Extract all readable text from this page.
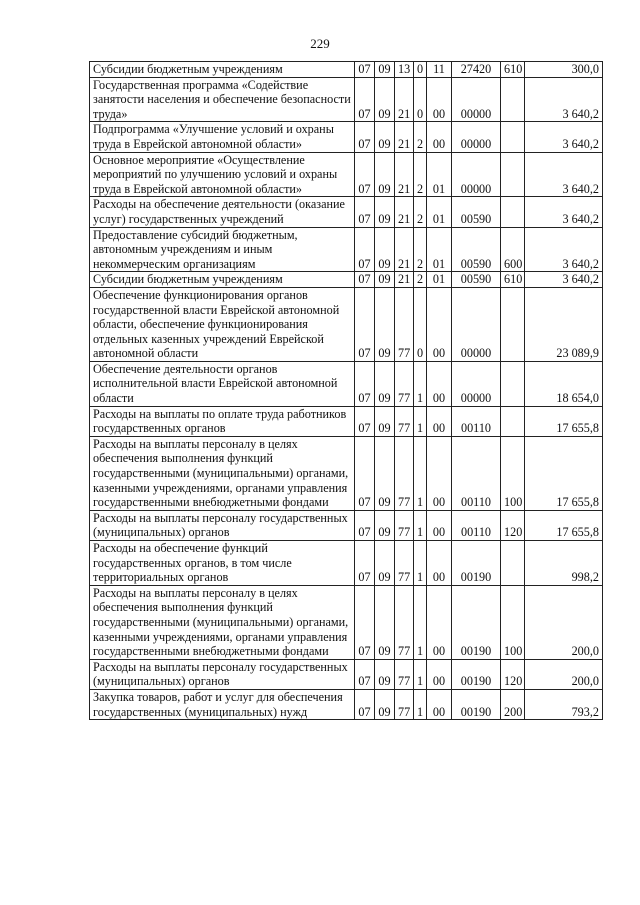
229
Субсидии бюджетным учреждениям	07	09	13	0	11	27420	610	300,0
Государственная программа «Содействие занятости населения и обеспечение безопасности труда»	07	09	21	0	00	00000		3 640,2
Подпрограмма «Улучшение условий и охраны труда в Еврейской автономной области»	07	09	21	2	00	00000		3 640,2
Основное мероприятие «Осуществление мероприятий по улучшению условий и охраны труда в Еврейской автономной области»	07	09	21	2	01	00000		3 640,2
Расходы на обеспечение деятельности (оказание услуг) государственных учреждений	07	09	21	2	01	00590		3 640,2
Предоставление субсидий бюджетным, автономным учреждениям и иным некоммерческим организациям	07	09	21	2	01	00590	600	3 640,2
Субсидии бюджетным учреждениям	07	09	21	2	01	00590	610	3 640,2
Обеспечение функционирования органов государственной власти Еврейской автономной области, обеспечение функционирования отдельных казенных учреждений Еврейской автономной области	07	09	77	0	00	00000		23 089,9
Обеспечение деятельности органов исполнительной власти Еврейской автономной области	07	09	77	1	00	00000		18 654,0
Расходы на выплаты по оплате труда работников государственных органов	07	09	77	1	00	00110		17 655,8
Расходы на выплаты персоналу в целях обеспечения выполнения функций государственными (муниципальными) органами, казенными учреждениями, органами управления государственными внебюджетными фондами	07	09	77	1	00	00110	100	17 655,8
Расходы на выплаты персоналу государственных (муниципальных) органов	07	09	77	1	00	00110	120	17 655,8
Расходы на обеспечение функций государственных органов, в том числе территориальных органов	07	09	77	1	00	00190		998,2
Расходы на выплаты персоналу в целях обеспечения выполнения функций государственными (муниципальными) органами, казенными учреждениями, органами управления государственными внебюджетными фондами	07	09	77	1	00	00190	100	200,0
Расходы на выплаты персоналу государственных (муниципальных) органов	07	09	77	1	00	00190	120	200,0
Закупка товаров, работ и услуг для обеспечения государственных (муниципальных) нужд	07	09	77	1	00	00190	200	793,2
